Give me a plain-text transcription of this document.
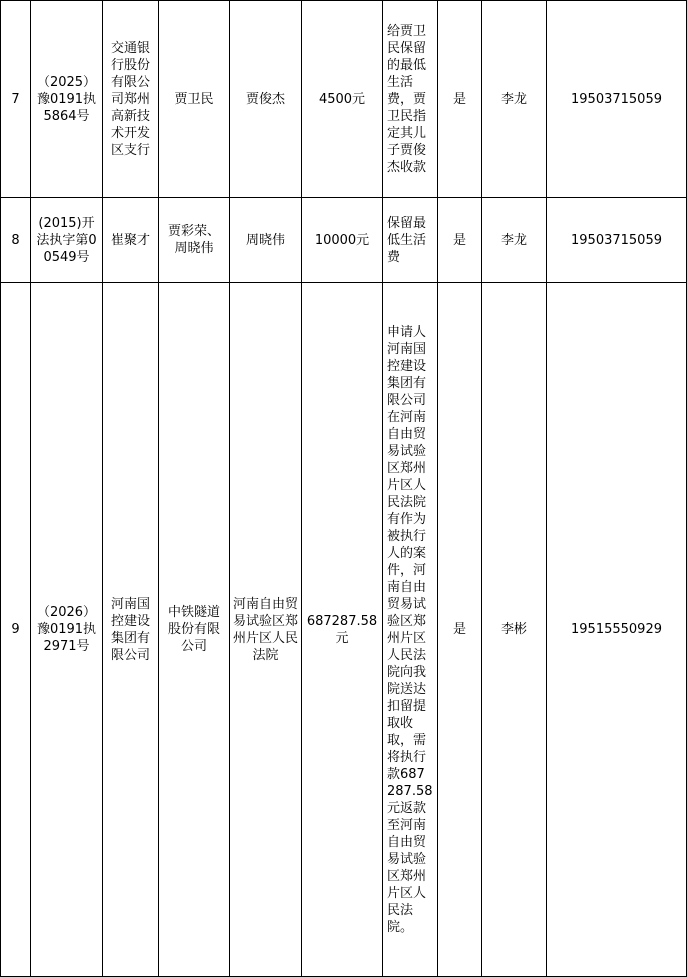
7	（2025）豫0191执5864号	交通银行股份有限公司郑州高新技术开发区支行	贾卫民	贾俊杰	4500元	给贾卫民保留的最低生活费，贾卫民指定其儿子贾俊杰收款	是	李龙	19503715059
8	(2015)开法执字第00549号	崔聚才	贾彩荣、周晓伟	周晓伟	10000元	保留最低生活费	是	李龙	19503715059
9	（2026）豫0191执2971号	河南国控建设集团有限公司	中铁隧道股份有限公司	河南自由贸易试验区郑州片区人民法院	687287.58元	申请人河南国控建设集团有限公司在河南自由贸易试验区郑州片区人民法院有作为被执行人的案件，河南自由贸易试验区郑州片区人民法院向我院送达扣留提取收取，需将执行款687287.58元返款至河南自由贸易试验区郑州片区人民法院。	是	李彬	19515550929
